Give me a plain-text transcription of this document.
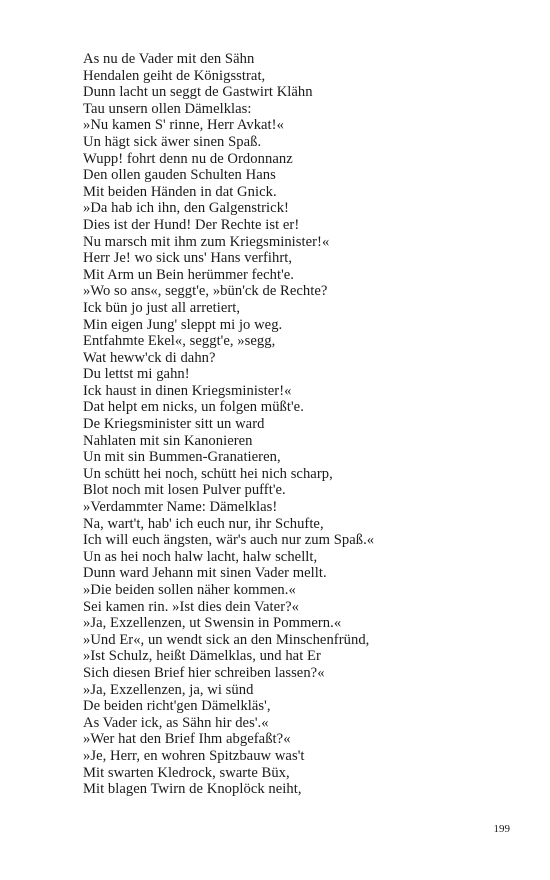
As nu de Vader mit den Sähn
Hendalen geiht de Königsstrat,
Dunn lacht un seggt de Gastwirt Klähn
Tau unsern ollen Dämelklas:
»Nu kamen S' rinne, Herr Avkat!«
Un hägt sick äwer sinen Spaß.
Wupp! fohrt denn nu de Ordonnanz
Den ollen gauden Schulten Hans
Mit beiden Händen in dat Gnick.
»Da hab ich ihn, den Galgenstrick!
Dies ist der Hund! Der Rechte ist er!
Nu marsch mit ihm zum Kriegsminister!«
Herr Je! wo sick uns' Hans verfihrt,
Mit Arm un Bein herümmer fecht'e.
»Wo so ans«, seggt'e, »bün'ck de Rechte?
Ick bün jo just all arretiert,
Min eigen Jung' sleppt mi jo weg.
Entfahmte Ekel«, seggt'e, »segg,
Wat heww'ck di dahn?
Du lettst mi gahn!
Ick haust in dinen Kriegsminister!«
Dat helpt em nicks, un folgen müßt'e.
De Kriegsminister sitt un ward
Nahlaten mit sin Kanonieren
Un mit sin Bummen-Granatieren,
Un schütt hei noch, schütt hei nich scharp,
Blot noch mit losen Pulver pufft'e.
»Verdammter Name: Dämelklas!
Na, wart't, hab' ich euch nur, ihr Schufte,
Ich will euch ängsten, wär's auch nur zum Spaß.«
Un as hei noch halw lacht, halw schellt,
Dunn ward Jehann mit sinen Vader mellt.
»Die beiden sollen näher kommen.«
Sei kamen rin. »Ist dies dein Vater?«
»Ja, Exzellenzen, ut Swensin in Pommern.«
»Und Er«, un wendt sick an den Minschenfründ,
»Ist Schulz, heißt Dämelklas, und hat Er
Sich diesen Brief hier schreiben lassen?«
»Ja, Exzellenzen, ja, wi sünd
De beiden richt'gen Dämelkläs',
As Vader ick, as Sähn hir des'.«
»Wer hat den Brief Ihm abgefaßt?«
»Je, Herr, en wohren Spitzbauw was't
Mit swarten Kledrock, swarte Büx,
Mit blagen Twirn de Knoplöck neiht,
199
